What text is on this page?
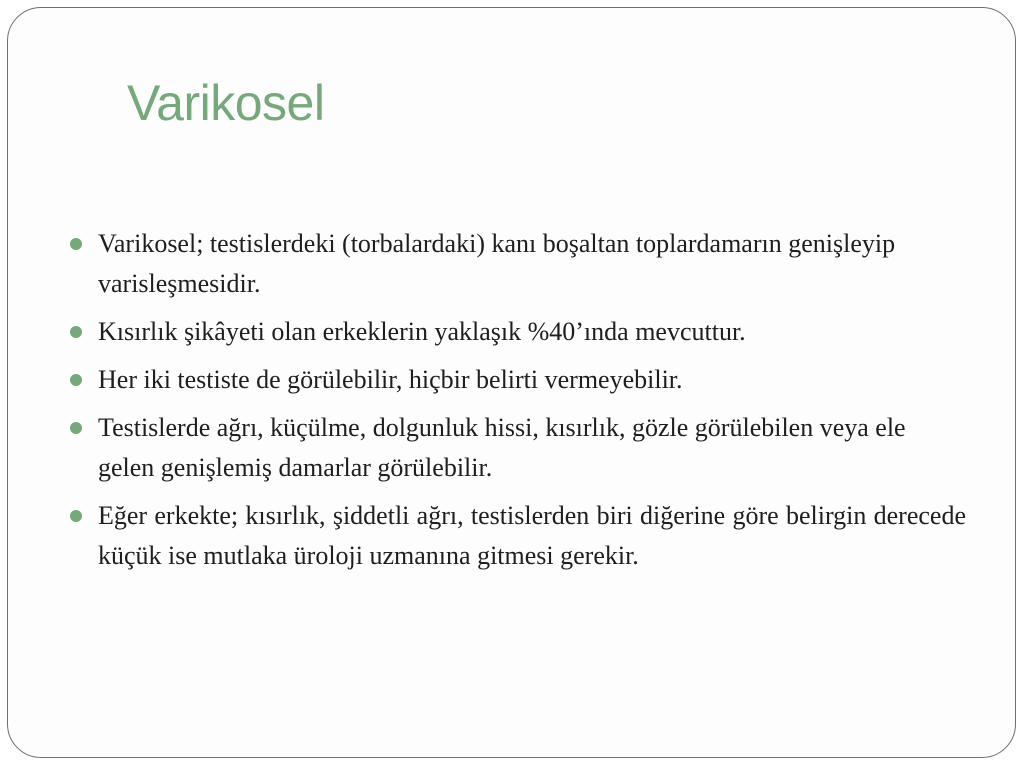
Varikosel
Varikosel; testislerdeki (torbalardaki) kanı boşaltan toplardamarın genişleyip varisleşmesidir.
Kısırlık şikâyeti olan erkeklerin yaklaşık %40’ında mevcuttur.
Her iki testiste de görülebilir, hiçbir belirti vermeyebilir.
Testislerde ağrı, küçülme, dolgunluk hissi, kısırlık, gözle görülebilen veya ele gelen genişlemiş damarlar görülebilir.
Eğer erkekte; kısırlık, şiddetli ağrı, testislerden biri diğerine göre belirgin derecede küçük ise mutlaka üroloji uzmanına gitmesi gerekir.
